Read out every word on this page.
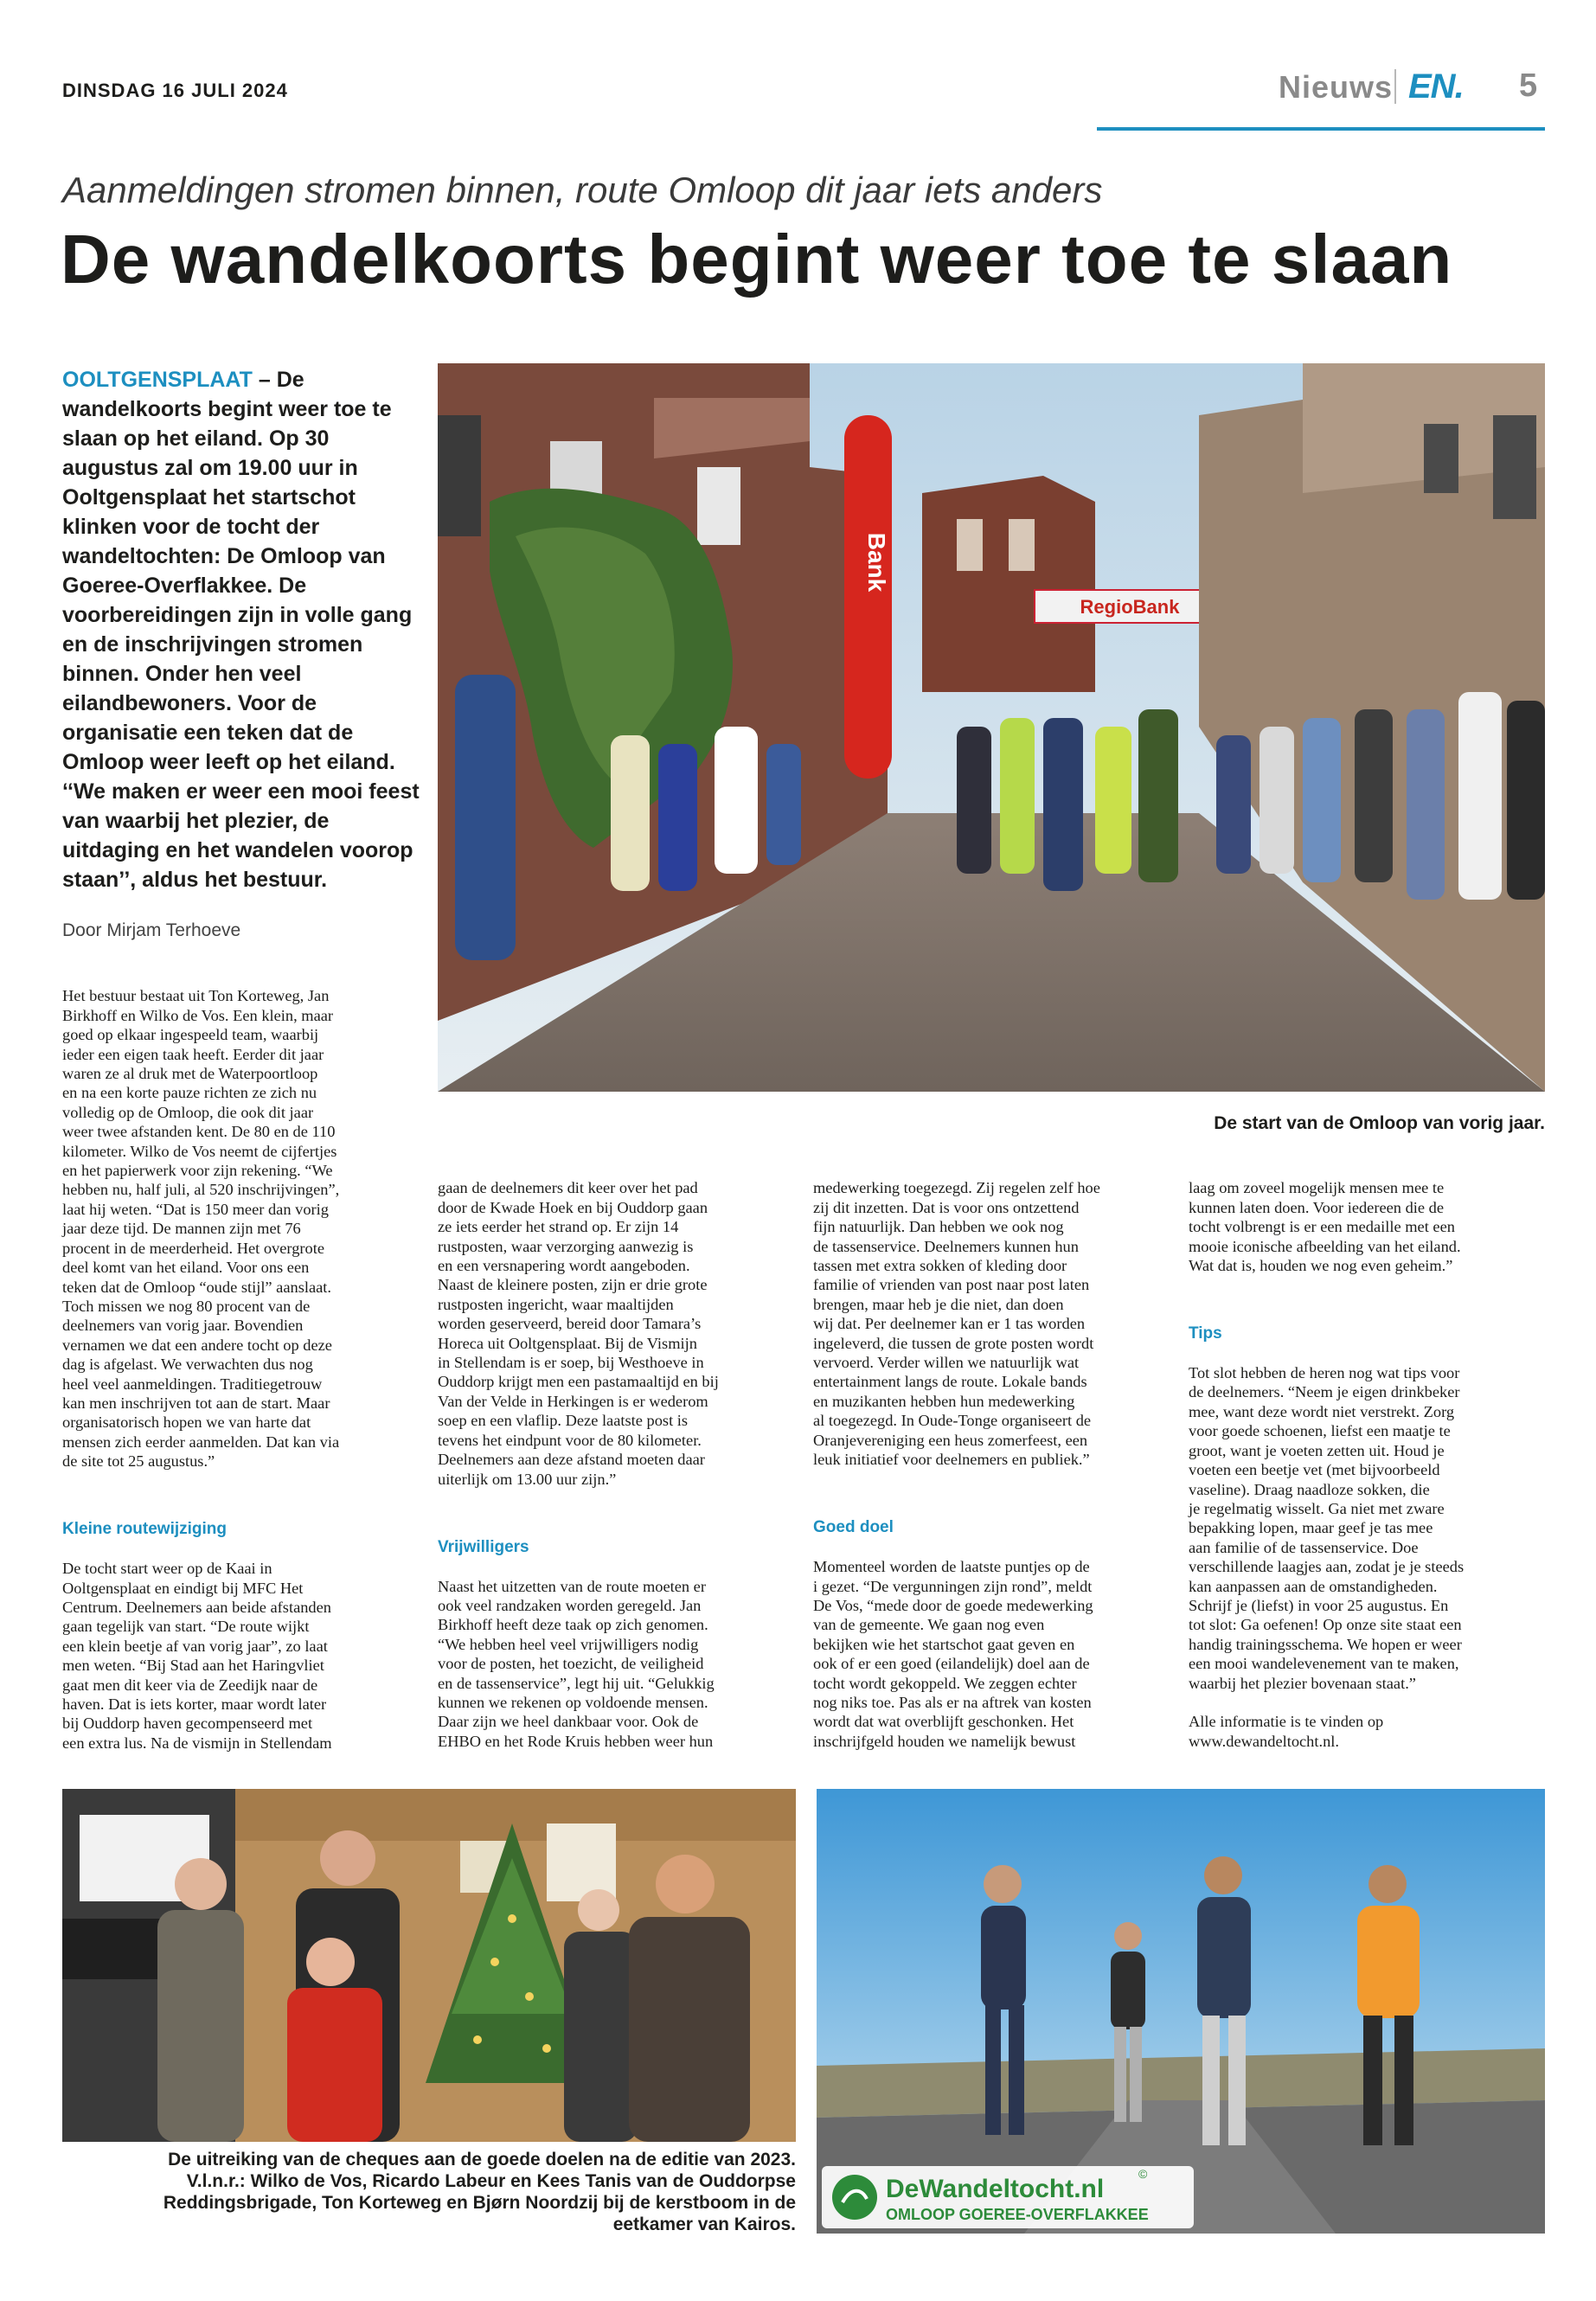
DINSDAG 16 JULI 2024	Nieuws EN. 5
Aanmeldingen stromen binnen, route Omloop dit jaar iets anders
De wandelkoorts begint weer toe te slaan
OOLTGENSPLAAT – De wandelkoorts begint weer toe te slaan op het eiland. Op 30 augustus zal om 19.00 uur in Ooltgensplaat het startschot klinken voor de tocht der wandeltochten: De Omloop van Goeree-Overflakkee. De voorbereidingen zijn in volle gang en de inschrijvingen stromen binnen. Onder hen veel eilandbewoners. Voor de organisatie een teken dat de Omloop weer leeft op het eiland. ‘‘We maken er weer een mooi feest van waarbij het plezier, de uitdaging en het wandelen voorop staan’’, aldus het bestuur.
Door Mirjam Terhoeve
Bank
RegioBank
De start van de Omloop van vorig jaar.

Het bestuur bestaat uit Ton Korteweg, Jan
Birkhoff en Wilko de Vos. Een klein, maar
goed op elkaar ingespeeld team, waarbij
ieder een eigen taak heeft. Eerder dit jaar
waren ze al druk met de Waterpoortloop
en na een korte pauze richten ze zich nu
volledig op de Omloop, die ook dit jaar
weer twee afstanden kent. De 80 en de 110
kilometer. Wilko de Vos neemt de cijfertjes
en het papierwerk voor zijn rekening. “We
hebben nu, half juli, al 520 inschrijvingen”,
laat hij weten. “Dat is 150 meer dan vorig
jaar deze tijd. De mannen zijn met 76
procent in de meerderheid. Het overgrote
deel komt van het eiland. Voor ons een
teken dat de Omloop “oude stijl” aanslaat.
Toch missen we nog 80 procent van de
deelnemers van vorig jaar. Bovendien
vernamen we dat een andere tocht op deze
dag is afgelast. We verwachten dus nog
heel veel aanmeldingen. Traditiegetrouw
kan men inschrijven tot aan de start. Maar
organisatorisch hopen we van harte dat
mensen zich eerder aanmelden. Dat kan via
de site tot 25 augustus.”

Kleine routewijziging

De tocht start weer op de Kaai in
Ooltgensplaat en eindigt bij MFC Het
Centrum. Deelnemers aan beide afstanden
gaan tegelijk van start. “De route wijkt
een klein beetje af van vorig jaar”, zo laat
men weten. “Bij Stad aan het Haringvliet
gaat men dit keer via de Zeedijk naar de
haven. Dat is iets korter, maar wordt later
bij Ouddorp haven gecompenseerd met
een extra lus. Na de vismijn in Stellendam

gaan de deelnemers dit keer over het pad
door de Kwade Hoek en bij Ouddorp gaan
ze iets eerder het strand op. Er zijn 14
rustposten, waar verzorging aanwezig is
en een versnapering wordt aangeboden.
Naast de kleinere posten, zijn er drie grote
rustposten ingericht, waar maaltijden
worden geserveerd, bereid door Tamara’s
Horeca uit Ooltgensplaat. Bij de Vismijn
in Stellendam is er soep, bij Westhoeve in
Ouddorp krijgt men een pastamaaltijd en bij
Van der Velde in Herkingen is er wederom
soep en een vlaflip. Deze laatste post is
tevens het eindpunt voor de 80 kilometer.
Deelnemers aan deze afstand moeten daar
uiterlijk om 13.00 uur zijn.”

Vrijwilligers

Naast het uitzetten van de route moeten er
ook veel randzaken worden geregeld. Jan
Birkhoff heeft deze taak op zich genomen.
“We hebben heel veel vrijwilligers nodig
voor de posten, het toezicht, de veiligheid
en de tassenservice”, legt hij uit. “Gelukkig
kunnen we rekenen op voldoende mensen.
Daar zijn we heel dankbaar voor. Ook de
EHBO en het Rode Kruis hebben weer hun

medewerking toegezegd. Zij regelen zelf hoe
zij dit inzetten. Dat is voor ons ontzettend
fijn natuurlijk. Dan hebben we ook nog
de tassenservice. Deelnemers kunnen hun
tassen met extra sokken of kleding door
familie of vrienden van post naar post laten
brengen, maar heb je die niet, dan doen
wij dat. Per deelnemer kan er 1 tas worden
ingeleverd, die tussen de grote posten wordt
vervoerd. Verder willen we natuurlijk wat
entertainment langs de route. Lokale bands
en muzikanten hebben hun medewerking
al toegezegd. In Oude-Tonge organiseert de
Oranjevereniging een heus zomerfeest, een
leuk initiatief voor deelnemers en publiek.”

Goed doel

Momenteel worden de laatste puntjes op de
i gezet. “De vergunningen zijn rond”, meldt
De Vos, “mede door de goede medewerking
van de gemeente. We gaan nog even
bekijken wie het startschot gaat geven en
ook of er een goed (eilandelijk) doel aan de
tocht wordt gekoppeld. We zeggen echter
nog niks toe. Pas als er na aftrek van kosten
wordt dat wat overblijft geschonken. Het
inschrijfgeld houden we namelijk bewust

laag om zoveel mogelijk mensen mee te
kunnen laten doen. Voor iedereen die de
tocht volbrengt is er een medaille met een
mooie iconische afbeelding van het eiland.
Wat dat is, houden we nog even geheim.”

Tips

Tot slot hebben de heren nog wat tips voor
de deelnemers. “Neem je eigen drinkbeker
mee, want deze wordt niet verstrekt. Zorg
voor goede schoenen, liefst een maatje te
groot, want je voeten zetten uit. Houd je
voeten een beetje vet (met bijvoorbeeld
vaseline). Draag naadloze sokken, die
je regelmatig wisselt. Ga niet met zware
bepakking lopen, maar geef je tas mee
aan familie of de tassenservice. Doe
verschillende laagjes aan, zodat je je steeds
kan aanpassen aan de omstandigheden.
Schrijf je (liefst) in voor 25 augustus. En
tot slot: Ga oefenen! Op onze site staat een
handig trainingsschema. We hopen er weer
een mooi wandelevenement van te maken,
waarbij het plezier bovenaan staat.”

Alle informatie is te vinden op
www.dewandeltocht.nl.

De uitreiking van de cheques aan de goede doelen na de editie van 2023.
V.l.n.r.: Wilko de Vos, Ricardo Labeur en Kees Tanis van de Ouddorpse
Reddingsbrigade, Ton Korteweg en Bjørn Noordzij bij de kerstboom in de
eetkamer van Kairos.
DeWandeltocht.nl
©
OMLOOP GOEREE-OVERFLAKKEE
